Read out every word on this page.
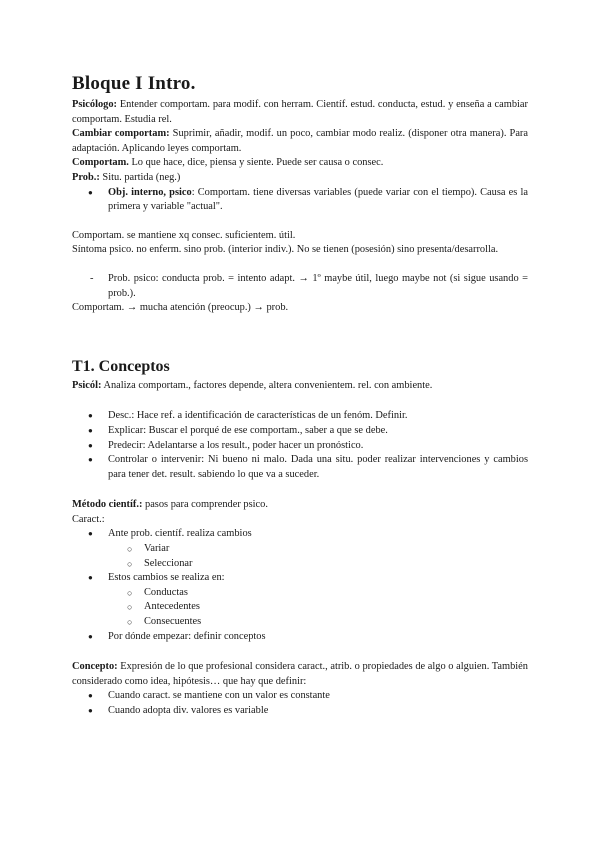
Bloque I Intro.

Psicólogo: Entender comportam. para modif. con herram. Científ. estud. conducta, estud. y enseña a cambiar comportam. Estudia rel.

Cambiar comportam: Suprimir, añadir, modif. un poco, cambiar modo realiz. (disponer otra manera). Para adaptación. Aplicando leyes comportam.

Comportam. Lo que hace, dice, piensa y siente. Puede ser causa o consec.

Prob.: Situ. partida (neg.)

● Obj. interno, psico: Comportam. tiene diversas variables (puede variar con el tiempo). Causa es la primera y variable "actual".

Comportam. se mantiene xq consec. suficientem. útil.

Síntoma psico. no enferm. sino prob. (interior indiv.). No se tienen (posesión) sino presenta/desarrolla.

- Prob. psico: conducta prob. = intento adapt. → 1º maybe útil, luego maybe not (si sigue usando = prob.).

Comportam. → mucha atención (preocup.) → prob.

T1. Conceptos

Psicól: Analiza comportam., factores depende, altera convenientem. rel. con ambiente.

● Desc.: Hace ref. a identificación de características de un fenóm. Definir.
● Explicar: Buscar el porqué de ese comportam., saber a que se debe.
● Predecir: Adelantarse a los result., poder hacer un pronóstico.
● Controlar o intervenir: Ni bueno ni malo. Dada una situ. poder realizar intervenciones y cambios para tener det. result. sabiendo lo que va a suceder.

Método científ.: pasos para comprender psico.

Caract.:

● Ante prob. científ. realiza cambios
○ Variar
○ Seleccionar
● Estos cambios se realiza en:
○ Conductas
○ Antecedentes
○ Consecuentes
● Por dónde empezar: definir conceptos

Concepto: Expresión de lo que profesional considera caract., atrib. o propiedades de algo o alguien. También considerado como idea, hipótesis… que hay que definir:

● Cuando caract. se mantiene con un valor es constante
● Cuando adopta div. valores es variable
